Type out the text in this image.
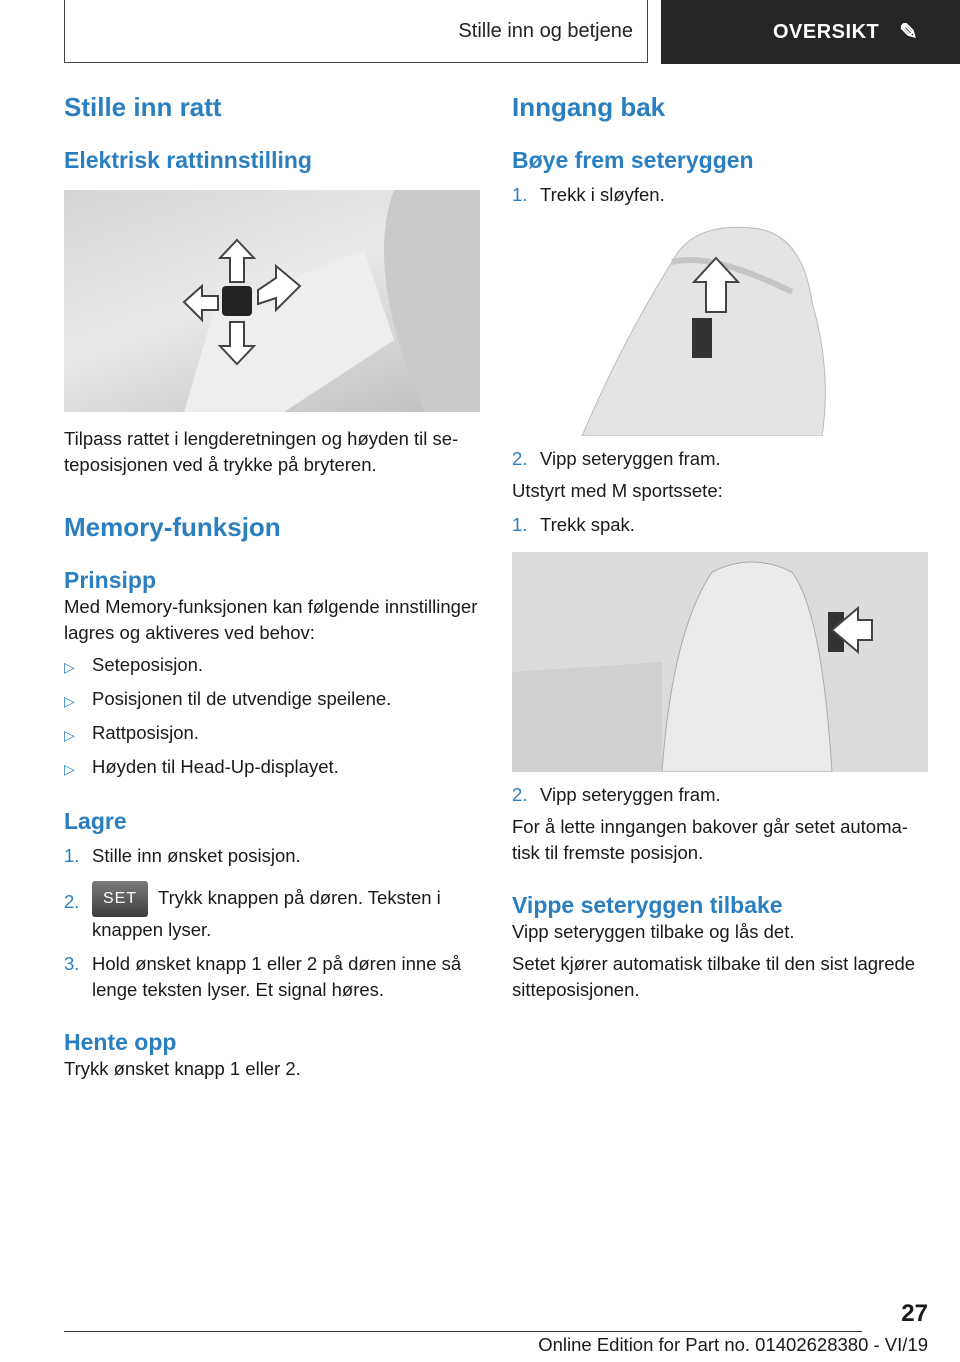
Stille inn og betjene	OVERSIKT ✎
Stille inn ratt
Elektrisk rattinnstilling

Tilpass rattet i lengderetningen og høyden til seteposisjonen ved å trykke på bryteren.

Memory-funksjon
Prinsipp

Med Memory-funksjonen kan følgende innstillinger lagres og aktiveres ved behov:

▷ Seteposisjon.
▷ Posisjonen til de utvendige speilene.
▷ Rattposisjon.
▷ Høyden til Head-Up-displayet.
Lagre
1. Stille inn ønsket posisjon.
2.	SET Trykk knappen på døren. Teksten i knappen lyser.
3. Hold ønsket knapp 1 eller 2 på døren inne så lenge teksten lyser. Et signal høres.
Hente opp

Trykk ønsket knapp 1 eller 2.

Inngang bak
Bøye frem seteryggen
1. Trekk i sløyfen.
2. Vipp seteryggen fram.

Utstyrt med M sportssete:

1. Trekk spak.
2. Vipp seteryggen fram.

For å lette inngangen bakover går setet automatisk til fremste posisjon.

Vippe seteryggen tilbake

Vipp seteryggen tilbake og lås det.

Setet kjører automatisk tilbake til den sist lagrede sitteposisjonen.

27
Online Edition for Part no. 01402628380 - VI/19
